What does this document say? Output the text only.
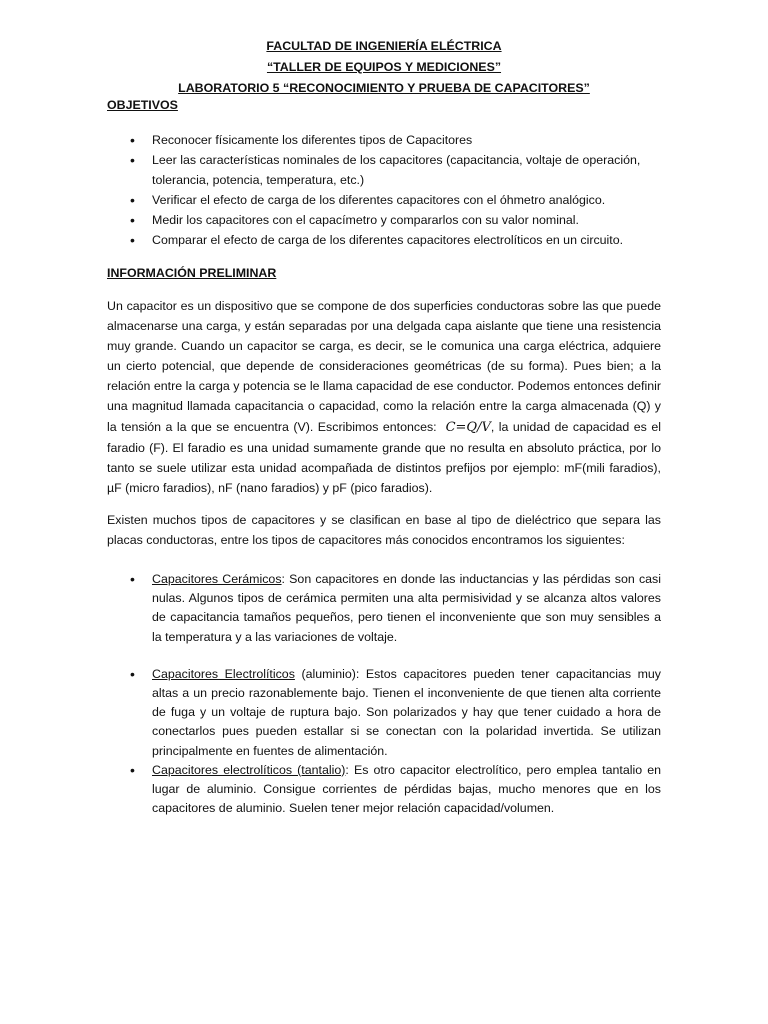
FACULTAD DE INGENIERÍA ELÉCTRICA
“TALLER DE EQUIPOS Y MEDICIONES”
LABORATORIO 5 “RECONOCIMIENTO Y PRUEBA DE CAPACITORES”
OBJETIVOS
• Reconocer físicamente los diferentes tipos de Capacitores
• Leer las características nominales de los capacitores (capacitancia, voltaje de operación, tolerancia, potencia, temperatura, etc.)
• Verificar el efecto de carga de los diferentes capacitores con el óhmetro analógico.
• Medir los capacitores con el capacímetro y compararlos con su valor nominal.
• Comparar el efecto de carga de los diferentes capacitores electrolíticos en un circuito.
INFORMACIÓN PRELIMINAR

Un capacitor es un dispositivo que se compone de dos superficies conductoras sobre las que puede almacenarse una carga, y están separadas por una delgada capa aislante que tiene una resistencia muy grande. Cuando un capacitor se carga, es decir, se le comunica una carga eléctrica, adquiere un cierto potencial, que depende de consideraciones geométricas (de su forma). Pues bien; a la relación entre la carga y potencia se le llama capacidad de ese conductor. Podemos entonces definir una magnitud llamada capacitancia o capacidad, como la relación entre la carga almacenada (Q) y la tensión a la que se encuentra (V). Escribimos entonces: C=Q/V, la unidad de capacidad es el faradio (F). El faradio es una unidad sumamente grande que no resulta en absoluto práctica, por lo tanto se suele utilizar esta unidad acompañada de distintos prefijos por ejemplo: mF(mili faradios), µF (micro faradios), nF (nano faradios) y pF (pico faradios).

Existen muchos tipos de capacitores y se clasifican en base al tipo de dieléctrico que separa las placas conductoras, entre los tipos de capacitores más conocidos encontramos los siguientes:

• Capacitores Cerámicos: Son capacitores en donde las inductancias y las pérdidas son casi nulas. Algunos tipos de cerámica permiten una alta permisividad y se alcanza altos valores de capacitancia tamaños pequeños, pero tienen el inconveniente que son muy sensibles a la temperatura y a las variaciones de voltaje.
• Capacitores Electrolíticos (aluminio): Estos capacitores pueden tener capacitancias muy altas a un precio razonablemente bajo. Tienen el inconveniente de que tienen alta corriente de fuga y un voltaje de ruptura bajo. Son polarizados y hay que tener cuidado a hora de conectarlos pues pueden estallar si se conectan con la polaridad invertida. Se utilizan principalmente en fuentes de alimentación.
• Capacitores electrolíticos (tantalio): Es otro capacitor electrolítico, pero emplea tantalio en lugar de aluminio. Consigue corrientes de pérdidas bajas, mucho menores que en los capacitores de aluminio. Suelen tener mejor relación capacidad/volumen.
